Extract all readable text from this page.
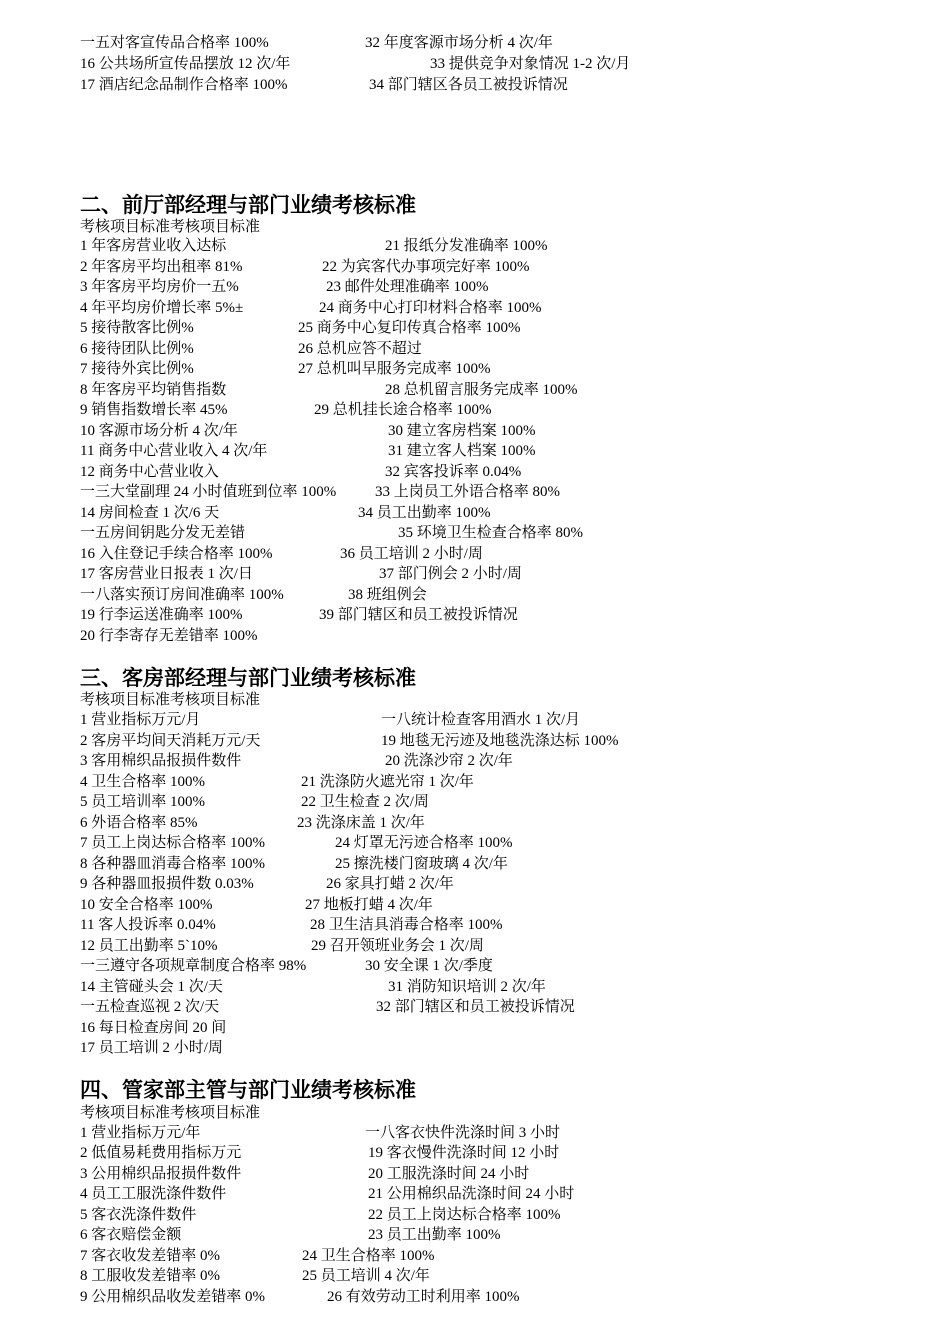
一五对客宣传品合格率 100%	32 年度客源市场分析 4 次/年
16 公共场所宣传品摆放 12 次/年	33 提供竞争对象情况 1-2 次/月
17 酒店纪念品制作合格率 100%	34 部门辖区各员工被投诉情况
二、前厅部经理与部门业绩考核标准
考核项目标准考核项目标准
1 年客房营业收入达标	21 报纸分发准确率 100%
2 年客房平均出租率 81%	22 为宾客代办事项完好率 100%
3 年客房平均房价一五%	23 邮件处理准确率 100%
4 年平均房价增长率 5%±	24 商务中心打印材料合格率 100%
5 接待散客比例%	25 商务中心复印传真合格率 100%
6 接待团队比例%	26 总机应答不超过
7 接待外宾比例%	27 总机叫早服务完成率 100%
8 年客房平均销售指数	28 总机留言服务完成率 100%
9 销售指数增长率 45%	29 总机挂长途合格率 100%
10 客源市场分析 4 次/年	30 建立客房档案 100%
11 商务中心营业收入 4 次/年	31 建立客人档案 100%
12 商务中心营业收入	32 宾客投诉率 0.04%
一三大堂副理 24 小时值班到位率 100%	33 上岗员工外语合格率 80%
14 房间检查 1 次/6 天	34 员工出勤率 100%
一五房间钥匙分发无差错	35 环境卫生检查合格率 80%
16 入住登记手续合格率 100%	36 员工培训 2 小时/周
17 客房营业日报表 1 次/日	37 部门例会 2 小时/周
一八落实预订房间准确率 100%	38 班组例会
19 行李运送准确率 100%	39 部门辖区和员工被投诉情况
20 行李寄存无差错率 100%
三、客房部经理与部门业绩考核标准
考核项目标准考核项目标准
1 营业指标万元/月	一八统计检查客用酒水 1 次/月
2 客房平均间天消耗万元/天	19 地毯无污迹及地毯洗涤达标 100%
3 客用棉织品报损件数件	20 洗涤沙帘 2 次/年
4 卫生合格率 100%	21 洗涤防火遮光帘 1 次/年
5 员工培训率 100%	22 卫生检查 2 次/周
6 外语合格率 85%	23 洗涤床盖 1 次/年
7 员工上岗达标合格率 100%	24 灯罩无污迹合格率 100%
8 各种器皿消毒合格率 100%	25 擦洗楼门窗玻璃 4 次/年
9 各种器皿报损件数 0.03%	26 家具打蜡 2 次/年
10 安全合格率 100%	27 地板打蜡 4 次/年
11 客人投诉率 0.04%	28 卫生洁具消毒合格率 100%
12 员工出勤率 5`10%	29 召开领班业务会 1 次/周
一三遵守各项规章制度合格率 98%	30 安全课 1 次/季度
14 主管碰头会 1 次/天	31 消防知识培训 2 次/年
一五检查巡视 2 次/天	32 部门辖区和员工被投诉情况
16 每日检查房间 20 间
17 员工培训 2 小时/周
四、管家部主管与部门业绩考核标准
考核项目标准考核项目标准
1 营业指标万元/年	一八客衣快件洗涤时间 3 小时
2 低值易耗费用指标万元	19 客衣慢件洗涤时间 12 小时
3 公用棉织品报损件数件	20 工服洗涤时间 24 小时
4 员工工服洗涤件数件	21 公用棉织品洗涤时间 24 小时
5 客衣洗涤件数件	22 员工上岗达标合格率 100%
6 客衣赔偿金额	23 员工出勤率 100%
7 客衣收发差错率 0%	24 卫生合格率 100%
8 工服收发差错率 0%	25 员工培训 4 次/年
9 公用棉织品收发差错率 0%	26 有效劳动工时利用率 100%
